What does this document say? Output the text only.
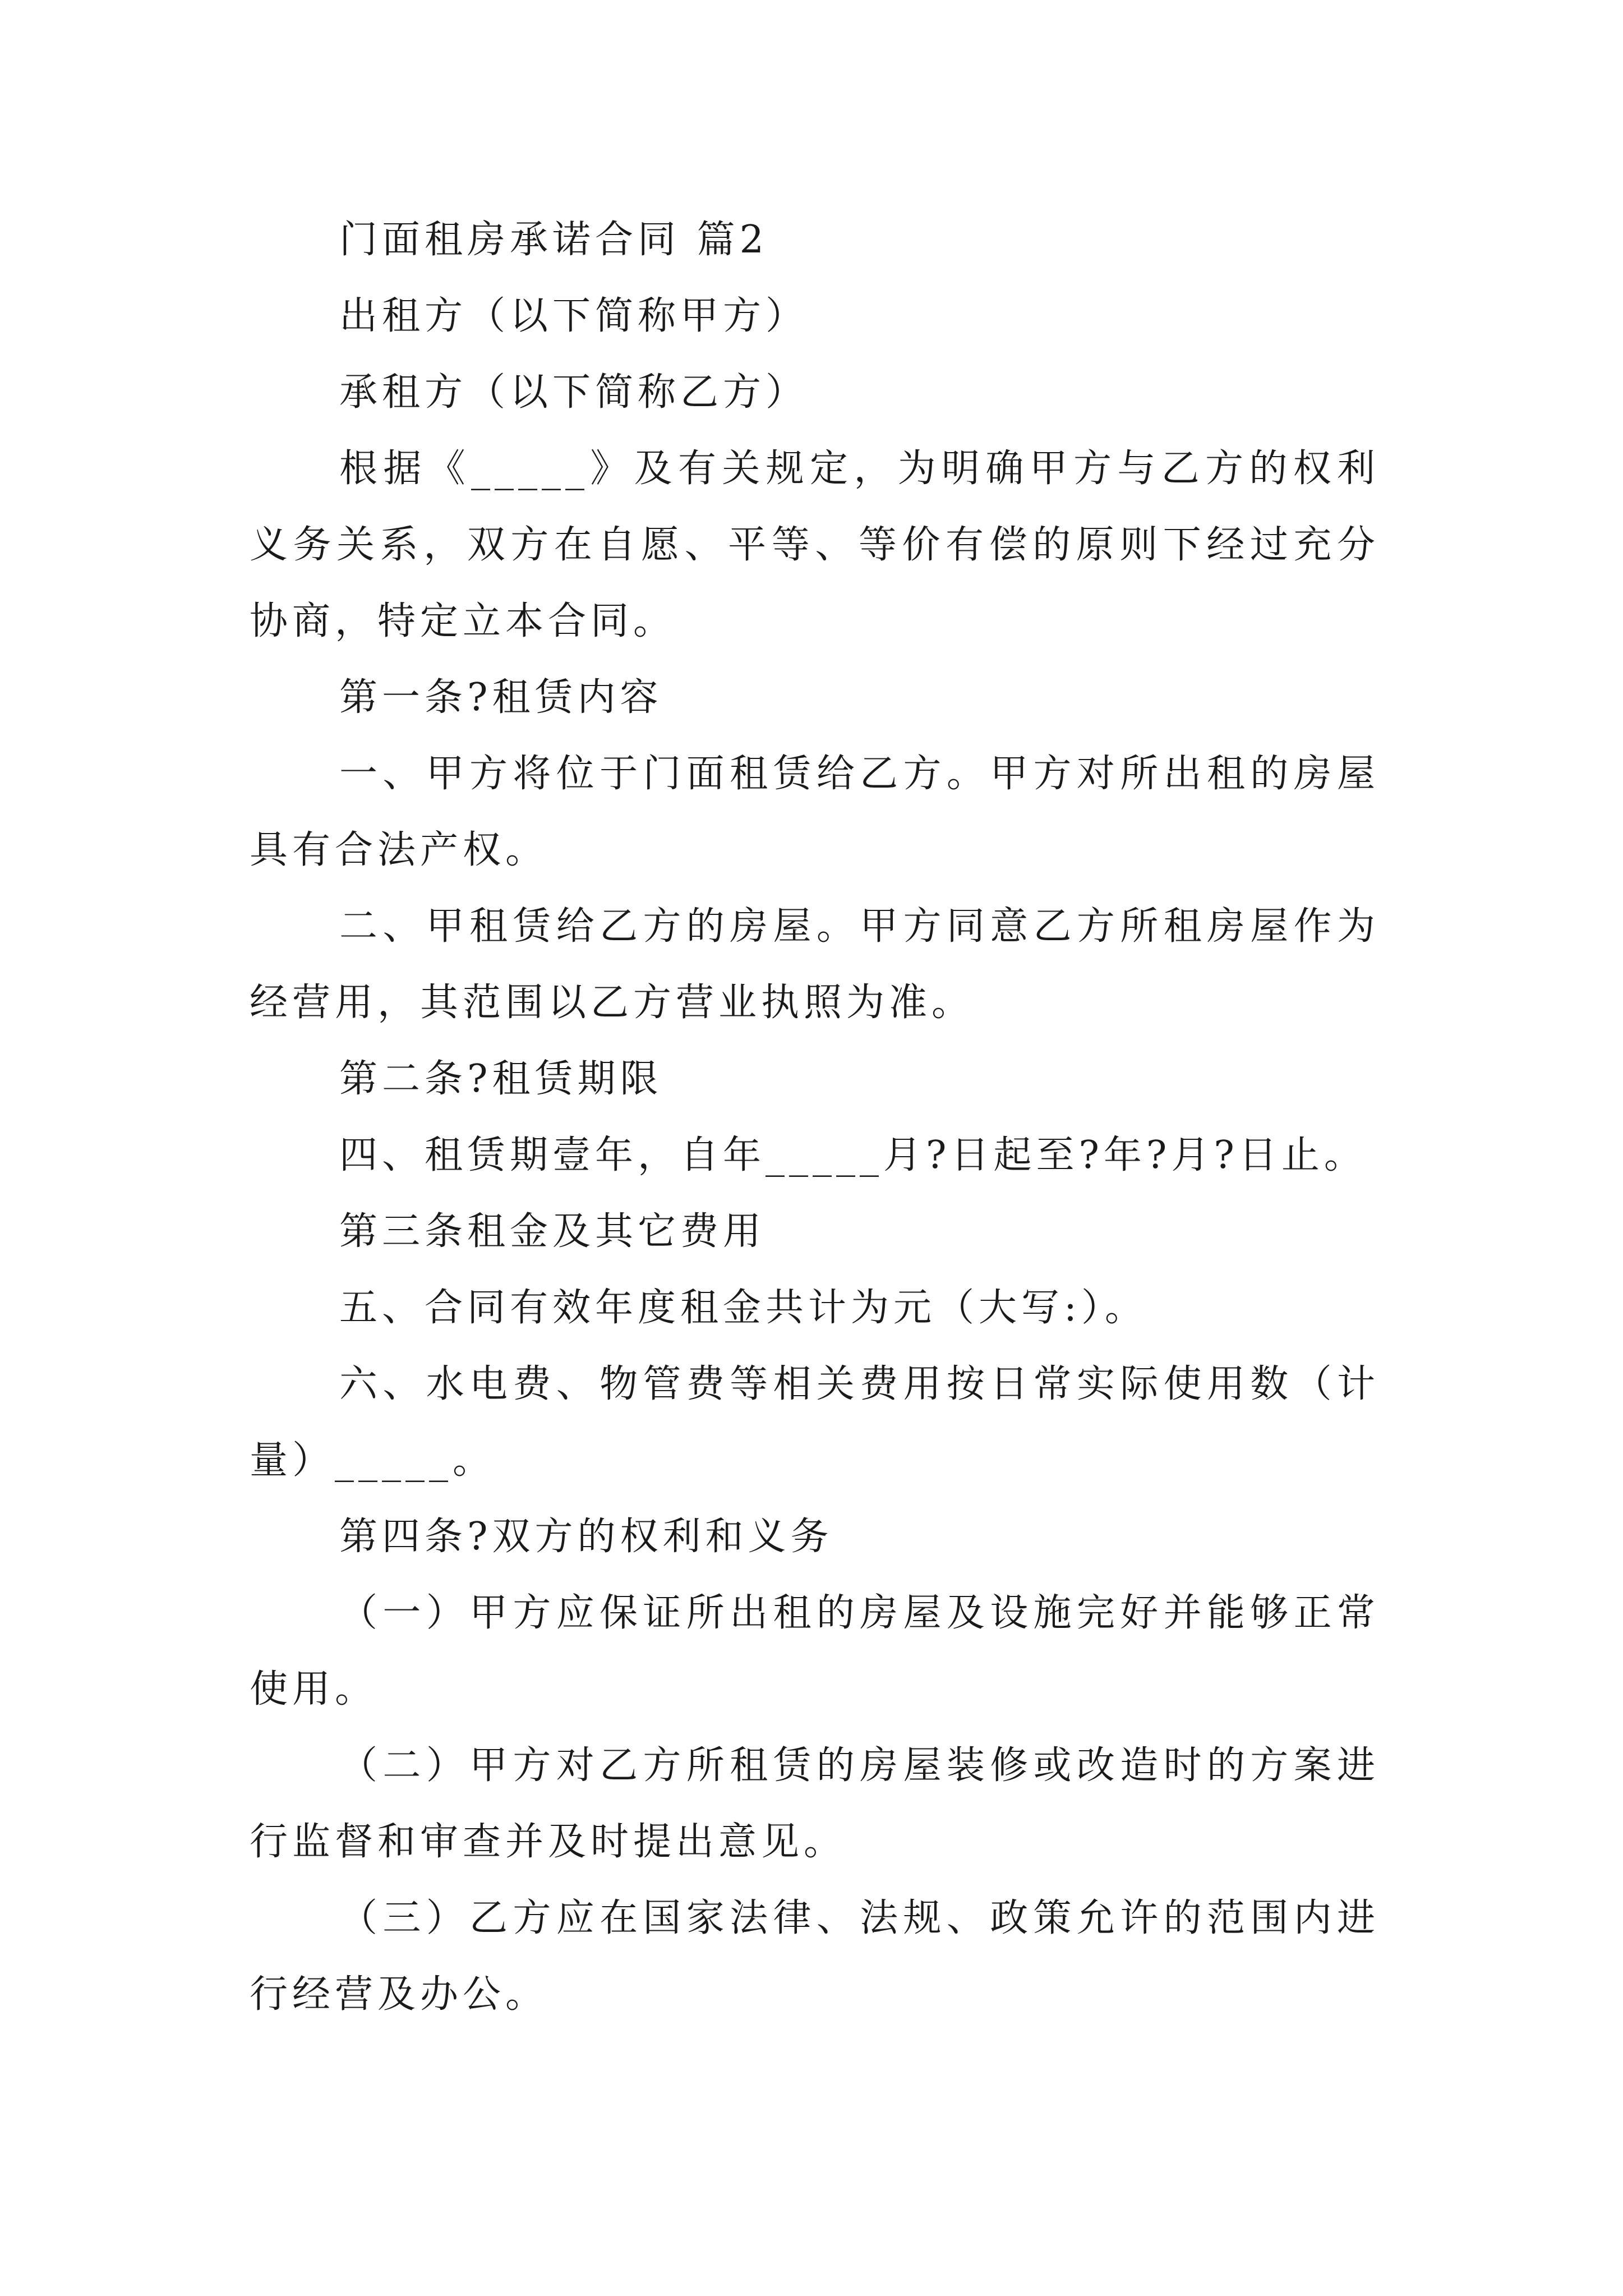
门面租房承诺合同 篇2

出租方（以下简称甲方）

承租方（以下简称乙方）

根据《_____》及有关规定，为明确甲方与乙方的权利义务关系，双方在自愿、平等、等价有偿的原则下经过充分协商，特定立本合同。

第一条?租赁内容

一、甲方将位于门面租赁给乙方。甲方对所出租的房屋具有合法产权。

二、甲租赁给乙方的房屋。甲方同意乙方所租房屋作为经营用，其范围以乙方营业执照为准。

第二条?租赁期限

四、租赁期壹年，自年_____月?日起至?年?月?日止。

第三条租金及其它费用

五、合同有效年度租金共计为元（大写:）。

六、水电费、物管费等相关费用按日常实际使用数（计量）_____。

第四条?双方的权利和义务

（一）甲方应保证所出租的房屋及设施完好并能够正常使用。

（二）甲方对乙方所租赁的房屋装修或改造时的方案进行监督和审查并及时提出意见。

（三）乙方应在国家法律、法规、政策允许的范围内进行经营及办公。
